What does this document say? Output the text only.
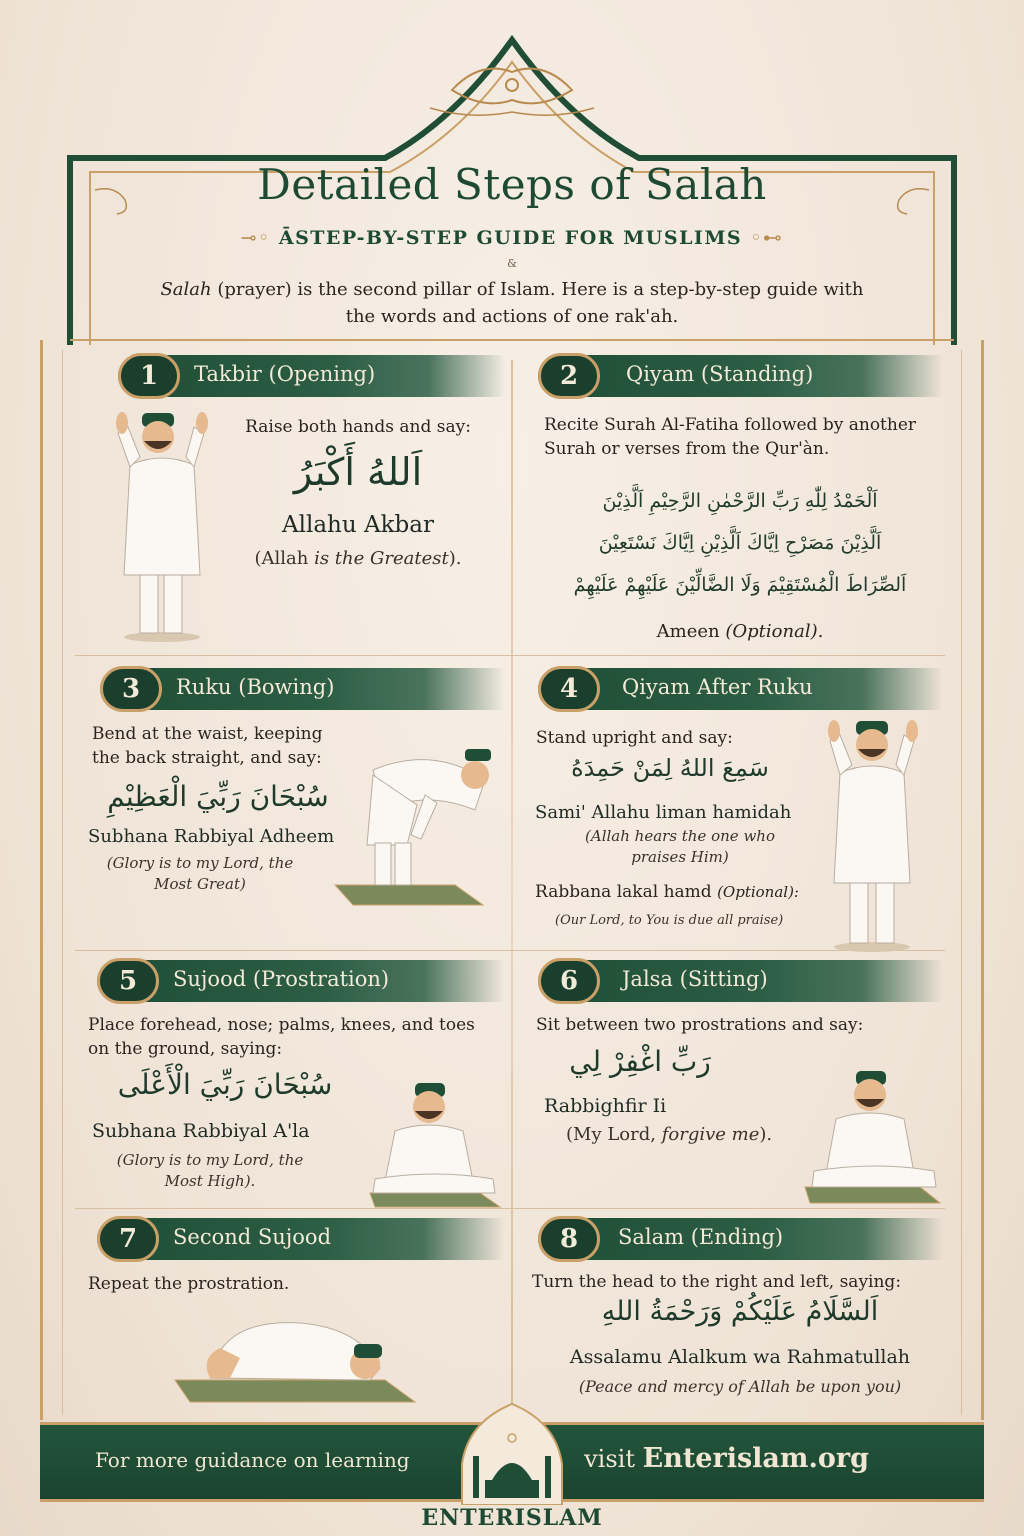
Detailed Steps of Salah
⊸◦ ĀSTEP-BY-STEP GUIDE FOR MUSLIMS ◦⊷
&
Salah (prayer) is the second pillar of Islam. Here is a step-by-step guide with the words and actions of one rak'ah.
1	Takbir (Opening)
Raise both hands and say:
اَللهُ أَكْبَرُ
Allahu Akbar
(Allah is the Greatest).
2	Qiyam (Standing)
Recite Surah Al-Fatiha followed by another Surah or verses from the Qur'àn.
اَلْحَمْدُ لِلّٰهِ رَبِّ الرَّحْمٰنِ الرَّحِيْمِ اَلَّذِيْنَ
اَلَّذِيْنَ مَصَرْحِ اِيَّاكَ اَلَّذِيْنِ اِيَّاكَ نَسْتَعِيْنَ
اَلصِّرَاطَ الْمُسْتَقِيْمَ وَلَا الضَّالِّيْنَ عَلَيْهِمْ عَلَيْهِمْ
Ameen (Optional).
3	Ruku (Bowing)
Bend at the waist, keeping the back straight, and say:
سُبْحَانَ رَبِّيَ الْعَظِيْمِ
Subhana Rabbiyal Adheem
(Glory is to my Lord, the Most Great)
4	Qiyam After Ruku
Stand upright and say:
سَمِعَ اللهُ لِمَنْ حَمِدَهُ
Sami' Allahu liman hamidah
(Allah hears the one who praises Him)
Rabbana lakal hamd (Optional):
(Our Lord, to You is due all praise)
5	Sujood (Prostration)
Place forehead, nose; palms, knees, and toes on the ground, saying:
سُبْحَانَ رَبِّيَ الْأَعْلَى
Subhana Rabbiyal A'la
(Glory is to my Lord, the Most High).
6	Jalsa (Sitting)
Sit between two prostrations and say:
رَبِّ اغْفِرْ لِي
Rabbighfir Ii
(My Lord, forgive me).
7	Second Sujood
Repeat the prostration.
8	Salam (Ending)
Turn the head to the right and left, saying:
اَلسَّلَامُ عَلَيْكُمْ وَرَحْمَةُ اللهِ
Assalamu Alalkum wa Rahmatullah
(Peace and mercy of Allah be upon you)
For more guidance on learning	visit Enterislam.org
ENTERISLAM
